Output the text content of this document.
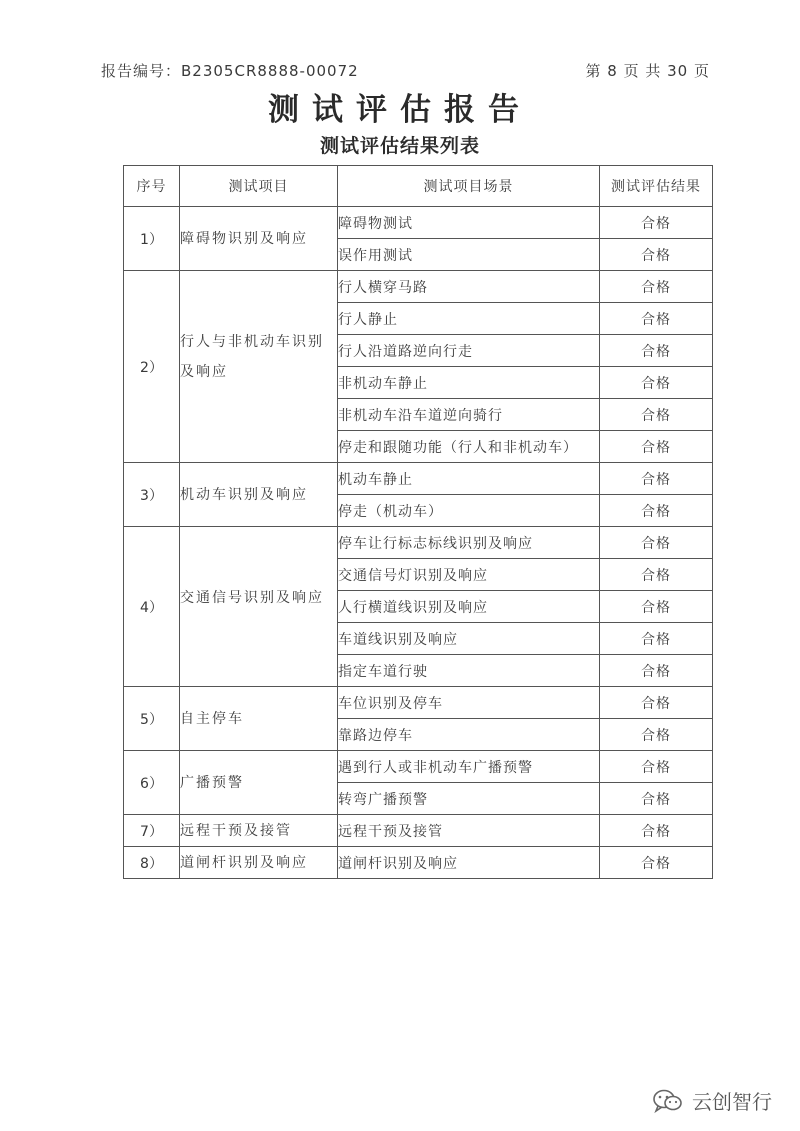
报告编号：B2305CR8888-00072	第 8 页 共 30 页
测试评估报告
测试评估结果列表
序号	测试项目	测试项目场景	测试评估结果
1）	障碍物识别及响应	障碍物测试	合格
		误作用测试	合格
2）	行人与非机动车识别及响应	行人横穿马路	合格
		行人静止	合格
		行人沿道路逆向行走	合格
		非机动车静止	合格
		非机动车沿车道逆向骑行	合格
		停走和跟随功能（行人和非机动车）	合格
3）	机动车识别及响应	机动车静止	合格
		停走（机动车）	合格
4）	交通信号识别及响应	停车让行标志标线识别及响应	合格
		交通信号灯识别及响应	合格
		人行横道线识别及响应	合格
		车道线识别及响应	合格
		指定车道行驶	合格
5）	自主停车	车位识别及停车	合格
		靠路边停车	合格
6）	广播预警	遇到行人或非机动车广播预警	合格
		转弯广播预警	合格
7）	远程干预及接管	远程干预及接管	合格
8）	道闸杆识别及响应	道闸杆识别及响应	合格
云创智行
